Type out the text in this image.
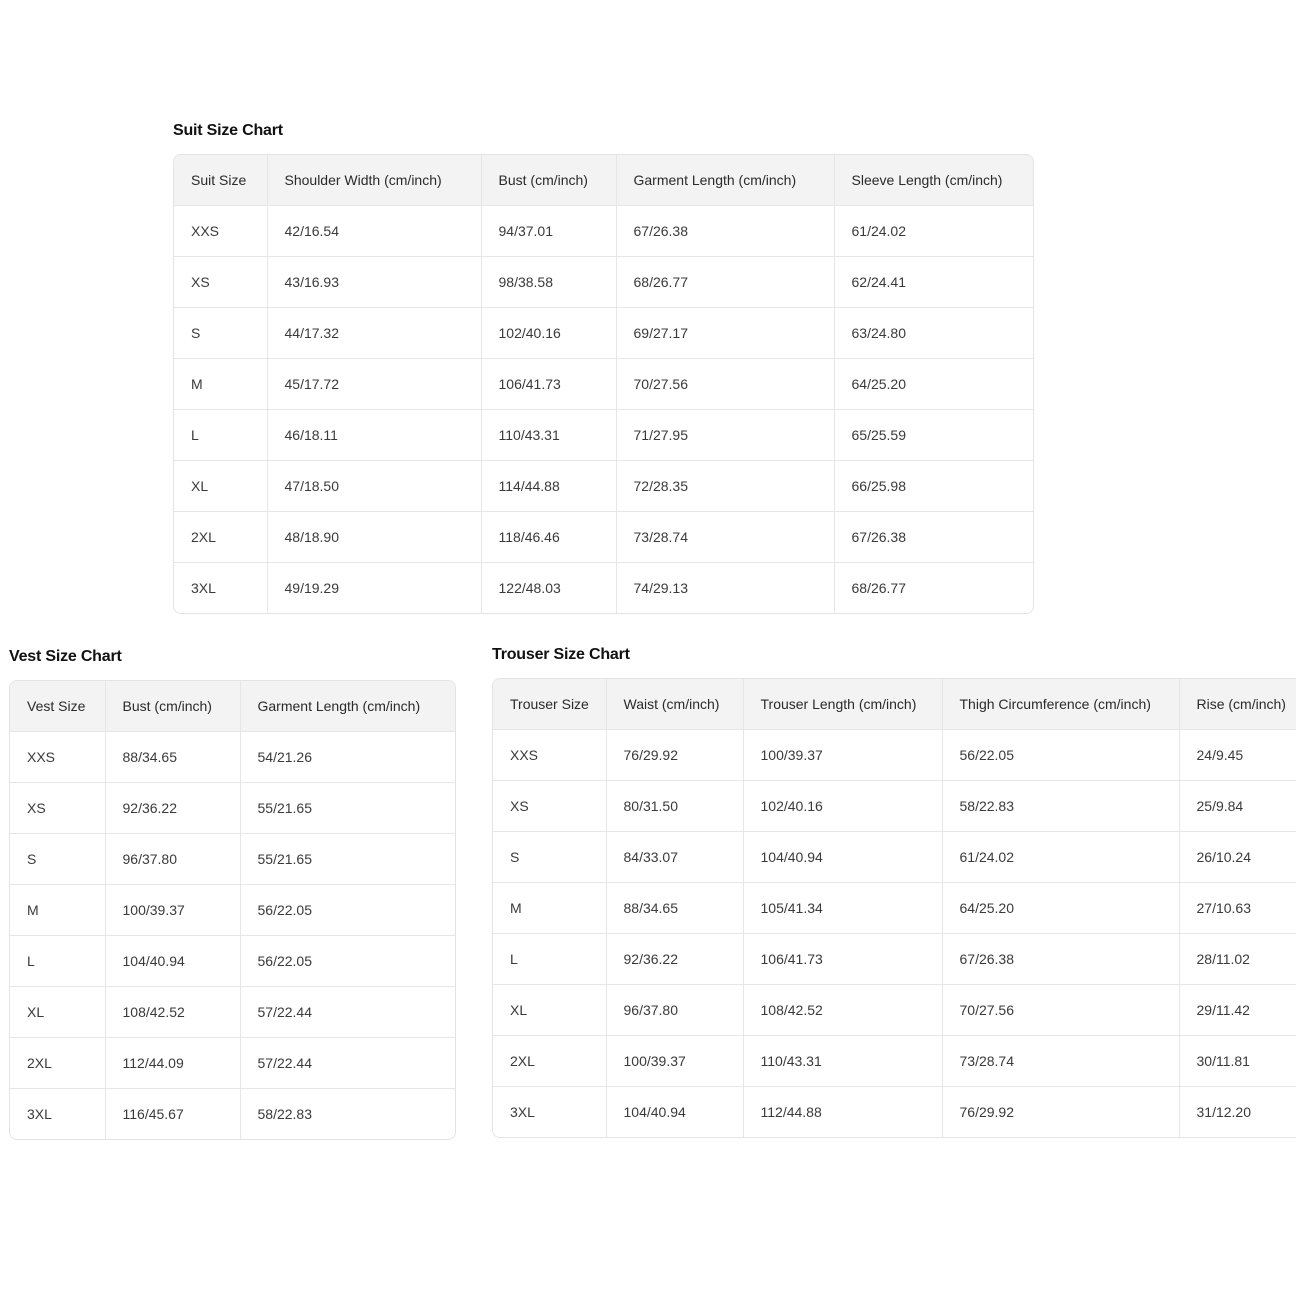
Suit Size Chart
Suit Size	Shoulder Width (cm/inch)	Bust (cm/inch)	Garment Length (cm/inch)	Sleeve Length (cm/inch)
XXS	42/16.54	94/37.01	67/26.38	61/24.02
XS	43/16.93	98/38.58	68/26.77	62/24.41
S	44/17.32	102/40.16	69/27.17	63/24.80
M	45/17.72	106/41.73	70/27.56	64/25.20
L	46/18.11	110/43.31	71/27.95	65/25.59
XL	47/18.50	114/44.88	72/28.35	66/25.98
2XL	48/18.90	118/46.46	73/28.74	67/26.38
3XL	49/19.29	122/48.03	74/29.13	68/26.77
Vest Size Chart
Vest Size	Bust (cm/inch)	Garment Length (cm/inch)
XXS	88/34.65	54/21.26
XS	92/36.22	55/21.65
S	96/37.80	55/21.65
M	100/39.37	56/22.05
L	104/40.94	56/22.05
XL	108/42.52	57/22.44
2XL	112/44.09	57/22.44
3XL	116/45.67	58/22.83
Trouser Size Chart
Trouser Size	Waist (cm/inch)	Trouser Length (cm/inch)	Thigh Circumference (cm/inch)	Rise (cm/inch)
XXS	76/29.92	100/39.37	56/22.05	24/9.45
XS	80/31.50	102/40.16	58/22.83	25/9.84
S	84/33.07	104/40.94	61/24.02	26/10.24
M	88/34.65	105/41.34	64/25.20	27/10.63
L	92/36.22	106/41.73	67/26.38	28/11.02
XL	96/37.80	108/42.52	70/27.56	29/11.42
2XL	100/39.37	110/43.31	73/28.74	30/11.81
3XL	104/40.94	112/44.88	76/29.92	31/12.20
